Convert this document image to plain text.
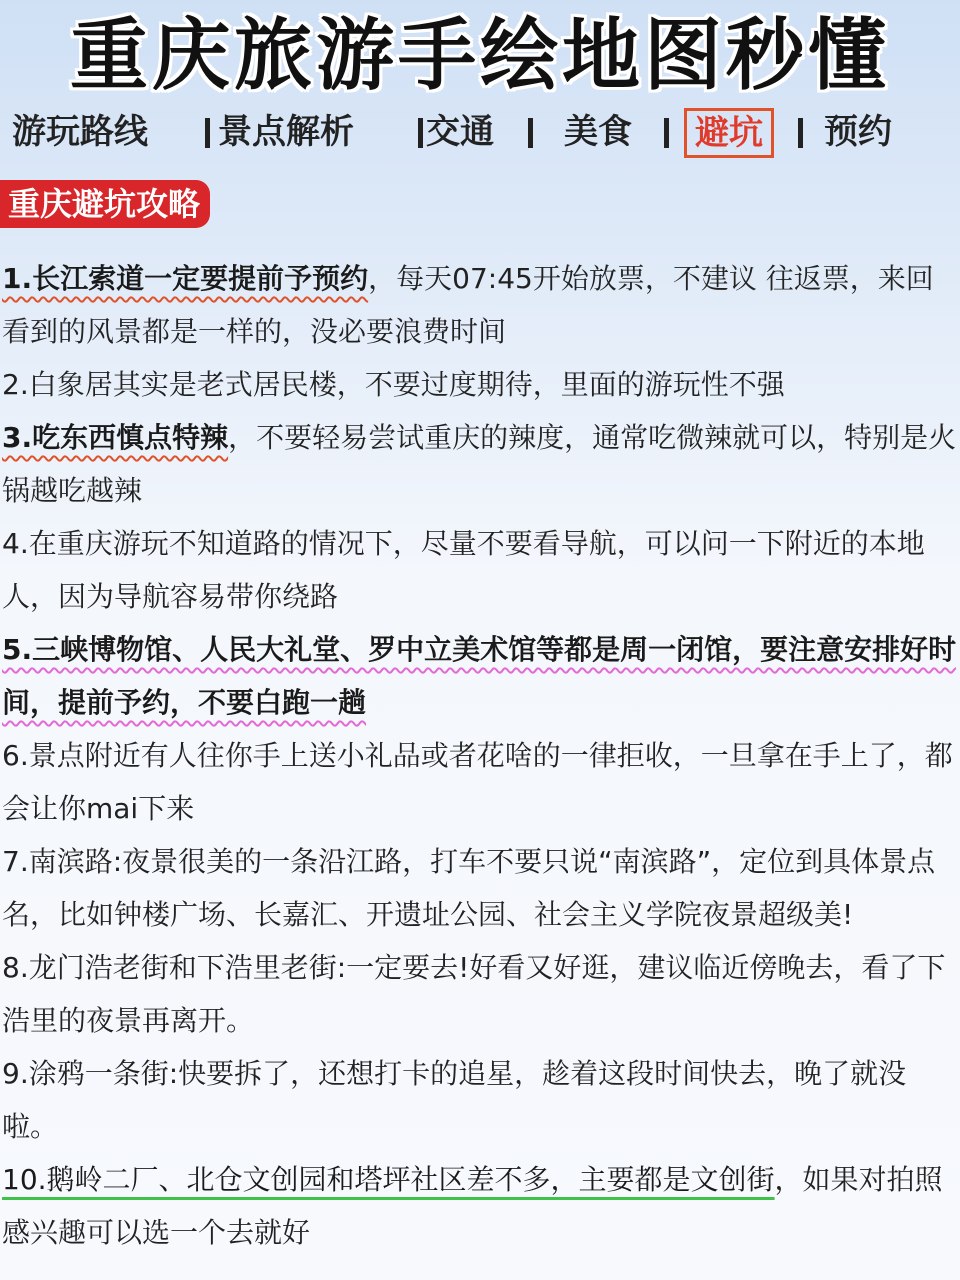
重庆旅游手绘地图秒懂
游玩路线 景点解析 交通 美食	避坑	预约
重庆避坑攻略
1.长江索道一定要提前予预约，每天07:45开始放票，不建议 往返票，来回看到的风景都是一样的，没必要浪费时间
2.白象居其实是老式居民楼，不要过度期待，里面的游玩性不强
3.吃东西慎点特辣，不要轻易尝试重庆的辣度，通常吃微辣就可以，特别是火锅越吃越辣
4.在重庆游玩不知道路的情况下，尽量不要看导航，可以问一下附近的本地人，因为导航容易带你绕路
5.三峡博物馆、人民大礼堂、罗中立美术馆等都是周一闭馆，要注意安排好时间，提前予约，不要白跑一趟
6.景点附近有人往你手上送小礼品或者花啥的一律拒收，一旦拿在手上了，都会让你mai下来
7.南滨路:夜景很美的一条沿江路，打车不要只说“南滨路”，定位到具体景点名，比如钟楼广场、长嘉汇、开遗址公园、社会主义学院夜景超级美!
8.龙门浩老街和下浩里老街:一定要去!好看又好逛，建议临近傍晚去，看了下浩里的夜景再离开。
9.涂鸦一条街:快要拆了，还想打卡的追星，趁着这段时间快去，晚了就没啦。
10.鹅岭二厂、北仓文创园和塔坪社区差不多，主要都是文创街，如果对拍照感兴趣可以选一个去就好
